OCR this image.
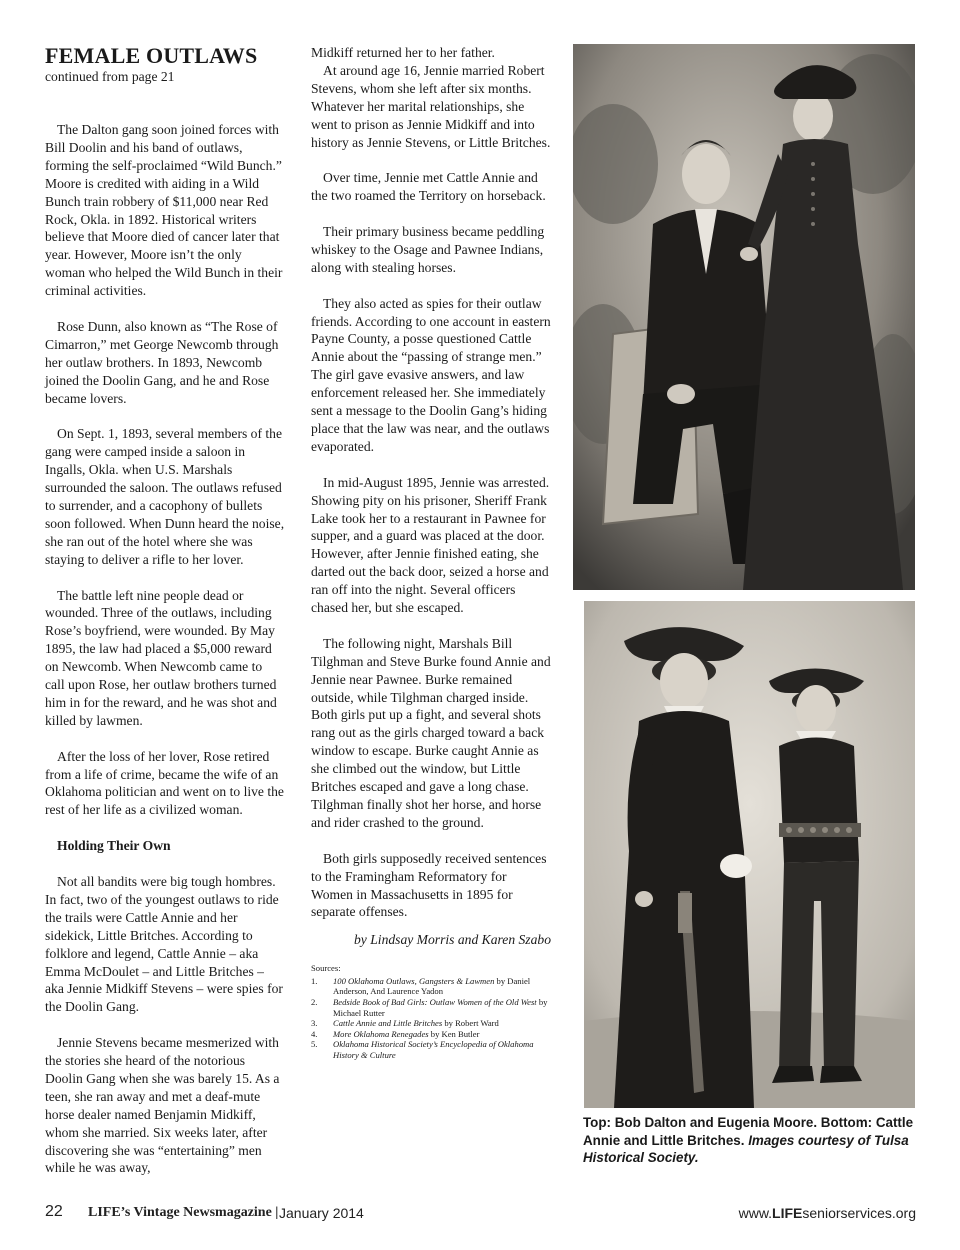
FEMALE OUTLAWS
continued from page 21

The Dalton gang soon joined forces with Bill Doolin and his band of outlaws, forming the self-proclaimed “Wild Bunch.” Moore is credited with aiding in a Wild Bunch train robbery of $11,000 near Red Rock, Okla. in 1892. Historical writers believe that Moore died of cancer later that year. However, Moore isn’t the only woman who helped the Wild Bunch in their criminal activities.

Rose Dunn, also known as “The Rose of Cimarron,” met George Newcomb through her outlaw brothers. In 1893, Newcomb joined the Doolin Gang, and he and Rose became lovers.

On Sept. 1, 1893, several members of the gang were camped inside a saloon in Ingalls, Okla. when U.S. Marshals surrounded the saloon. The outlaws refused to surrender, and a cacophony of bullets soon followed. When Dunn heard the noise, she ran out of the hotel where she was staying to deliver a rifle to her lover.

The battle left nine people dead or wounded. Three of the outlaws, including Rose’s boyfriend, were wounded. By May 1895, the law had placed a $5,000 reward on Newcomb. When Newcomb came to call upon Rose, her outlaw brothers turned him in for the reward, and he was shot and killed by lawmen.

After the loss of her lover, Rose retired from a life of crime, became the wife of an Oklahoma politician and went on to live the rest of her life as a civilized woman.

Holding Their Own

Not all bandits were big tough hombres. In fact, two of the youngest outlaws to ride the trails were Cattle Annie and her sidekick, Little Britches. According to folklore and legend, Cattle Annie – aka Emma McDoulet – and Little Britches – aka Jennie Midkiff Stevens – were spies for the Doolin Gang.

Jennie Stevens became mesmerized with the stories she heard of the notorious Doolin Gang when she was barely 15. As a teen, she ran away and met a deaf-mute horse dealer named Benjamin Midkiff, whom she married. Six weeks later, after discovering she was “entertaining” men while he was away,

Midkiff returned her to her father.

At around age 16, Jennie married Robert Stevens, whom she left after six months. Whatever her marital relationships, she went to prison as Jennie Midkiff and into history as Jennie Stevens, or Little Britches.

Over time, Jennie met Cattle Annie and the two roamed the Territory on horseback.

Their primary business became peddling whiskey to the Osage and Pawnee Indians, along with stealing horses.

They also acted as spies for their outlaw friends. According to one account in eastern Payne County, a posse questioned Cattle Annie about the “passing of strange men.” The girl gave evasive answers, and law enforcement released her. She immediately sent a message to the Doolin Gang’s hiding place that the law was near, and the outlaws evaporated.

In mid-August 1895, Jennie was arrested. Showing pity on his prisoner, Sheriff Frank Lake took her to a restaurant in Pawnee for supper, and a guard was placed at the door. However, after Jennie finished eating, she darted out the back door, seized a horse and ran off into the night. Several officers chased her, but she escaped.

The following night, Marshals Bill Tilghman and Steve Burke found Annie and Jennie near Pawnee. Burke remained outside, while Tilghman charged inside. Both girls put up a fight, and several shots rang out as the girls charged toward a back window to escape. Burke caught Annie as she climbed out the window, but Little Britches escaped and gave a long chase. Tilghman finally shot her horse, and horse and rider crashed to the ground.

Both girls supposedly received sentences to the Framingham Reformatory for Women in Massachusetts in 1895 for separate offenses.

by Lindsay Morris and Karen Szabo
Sources:
1.	100 Oklahoma Outlaws, Gangsters & Lawmen by Daniel Anderson, And Laurence Yadon
2.	Bedside Book of Bad Girls: Outlaw Women of the Old West by Michael Rutter
3.	Cattle Annie and Little Britches by Robert Ward
4.	More Oklahoma Renegades by Ken Butler
5.	Oklahoma Historical Society’s Encyclopedia of Oklahoma History & Culture
Top: Bob Dalton and Eugenia Moore. Bottom: Cattle Annie and Little Britches. Images courtesy of Tulsa Historical Society.
22 LIFE’s Vintage Newsmagazine | January 2014	www.LIFEseniorservices.org
